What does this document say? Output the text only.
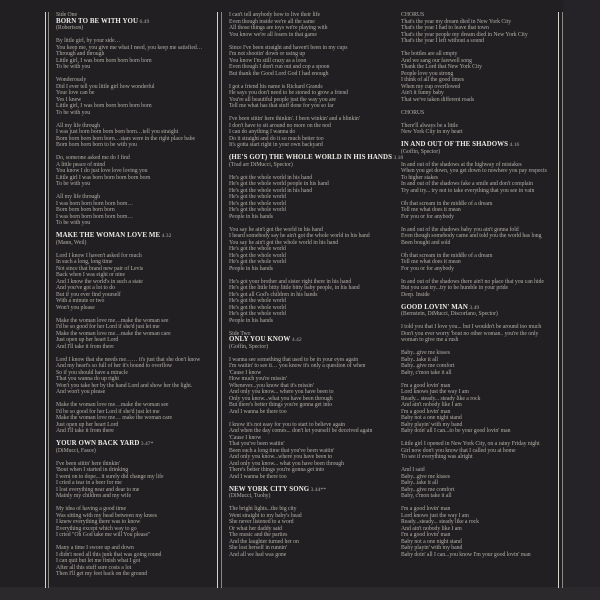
Side One
BORN TO BE WITH YOU 6.49
(Robertson)
By little girl, by your side…
You keep me, you give me what I need, you keep me satisfied…
Through and through
Little girl, I was born born born born born
To be with you
Wonderously
Did I ever tell you little girl how wonderful
Your love can be
Yes I knew
Little girl, I was born born born born born
To be with you
All my life through
I was just born born born born born…tell you straight
Born born born born born…stars were in the right place babe
Born born born born to be with you
Do, someone asked me do I find
A little peace of mind
You know I do just love love loving you
Little girl I was born born born born born
To be with you
All my life through
I was born born born born born…
Born born born born born
I was born born born born born…
To be with you
MAKE THE WOMAN LOVE ME 4.32
(Mann, Weil)
Lord I know I haven't asked for much
In such a long, long time
Not since that brand new pair of Levis
Back when I was eight or nine
And I know the world's in such a state
And you've got a lot to do
But if you ever find yourself
With a minute or two
Won't you please
Make the woman love me…make the woman see
I'd be so good for her Lord if she'd just let me
Make the woman love me…make the woman care
Just open up her heart Lord
And I'll take it from there
Lord I know that she needs me…… it's just that she don't know
And my heart's so full of her it's bound to overflow
So if you should have a miracle
That you wanna do up right
Won't you take her by the hand Lord and show her the light.
And won't you please
Make the woman love me…make the woman see
I'd be so good for her Lord if she'd just let me
Make the woman love me… make the woman care
Just open up her heart Lord
And I'll take it from there
YOUR OWN BACK YARD 3.47*
(DiMucci, Fasce)
I've been sittin' here thinkin'
'Bout when I started in drinking
I went on to dope... it surely did change my life
I cried a tear in a beer for me
I lost everything near and dear to me
Mainly my children and my wife
My idea of having a good time
Was sitting with my head between my knees
I knew everything there was to know
Everything except which way to go
I cried "Oh God take me will You please"
Many a time I swore up and down
I didn't need all this junk that was going round
I can quit but let me finish what I got
After all this stuff sure costs a lot
Then I'll get my feet back on the ground
I can't tell anybody how to live their life
Even though inside we're all the same
All those things are toys we're playing with
You know we're all losers in that game
Since I've been straight and haven't been in my cups
I'm not shootin' down or using up
You know I'm still crazy as a loon
Even though I don't run out and cop a spoon
But thank the Good Lord God I had enough
I got a friend his name is Richard Grands
He says you don't need to be stoned to grow a friend
You're all beautiful people just the way you are
Tell me what has that stuff done for you so far
I've been sittin' here thinkin'. I been winkin' and a blinkin'
I don't have to sit around no more on the nod
I can do anything I wanna do
Do it straight and do it so much better too
It's gotta start right in your own backyard
(HE'S GOT) THE WHOLE WORLD IN HIS HANDS 3.18
(Trad arr DiMucci, Spector)
He's got the whole world in his hand
He's got the whole world people in his hand
He's got the whole world in his hand
He's got the whole world
He's got the whole world
He's got the whole world
People in his hands
You say he ain't got the world in his hand
I heard somebody say he ain't got the whole world in his hand
You say he ain't got the whole world in his hand
He's got the whole world
He's got the whole world
He's got the whole world
People in his hands
He's got your brother and sister right there in his hand
He's got the little bitty little bitty baby people, in his hand
He's got all God's children in his hands
He's got the whole world
He's got the whole world
He's got the whole world
People in his hands
Side Two
ONLY YOU KNOW 4.42
(Goffin, Spector)
I wanna see something that used to be in your eyes again
I'm waitin' to see it… you know it's only a question of when
'Cause I know
How much you're missin'
Whenever...you know that it's missin'
And only you know... where you have been to
Only you know...what you have been through
But there's better things you're gonna get into
And I wanna be there too
I know it's not easy for you to start to believe again
And when the day comes... don't let yourself be deceived again
'Cause I know
That you've been waitin'
Been such a long time that you've been waitin'
And only you know...where you have been to
And only you know... what you have been through
There's better things you're gonna get into
And I wanna be there too
NEW YORK CITY SONG 3.44**
(DiMucci, Tuohy)
The bright lights...the big city
Went straight to my baby's head
She never listened to a word
Or what her daddy said
The music and the parties
And the laughter turned her on
She lost herself in runnin'
And all we had was gone
CHORUS
That's the year my dream died in New York City
That's the year I had to leave that town
That's the year people my dream died in New York City
That's the year I left without a sound
The bottles are all empty
And we sang our farewell song
Thank the Lord that New York City
People love you strong
I think of all the good times
When my cup overflowed
Ain't it funny baby
That we've taken different roads
CHORUS
There'll always be a little
New York City in my heart
IN AND OUT OF THE SHADOWS 4.16
(Goffin, Spector)
In and out of the shadows at the highway of mistakes
When you get down, you get down to nowhere you pay respects
To higher stakes
In and out of the shadows fake a smile and don't complain
Try and try... try not to take everything that you see in vain
Oh that scream in the middle of a dream
Tell me what does it mean
For you or for anybody
In and out of the shadows baby you ain't gonna fold
Even though somebody came and told you the world has long
Been bought and sold
Oh that scream in the middle of a dream
Tell me what does it mean
For you or for anybody
In and out of the shadows there ain't no place that you can hide
But you can try...try to be humble in your pride
Deep. Inside
GOOD LOVIN' MAN 3.49
(Bernstein, DiMucci, Discorfano, Spector)
I told you that I love you... but I wouldn't be around too much
Don't you ever worry 'bout no other woman.. you're the only
woman to give me a rush
Baby...give me kisses
Baby...take it all
Baby...give me comfort
Baby, c'mon take it all
I'm a good lovin' man
Lord knows just the way I am
Ready... steady... steady like a rock
And ain't nobody like I am
I'm a good lovin' man
Baby not a one night stand
Baby playin' with my band
Baby doin' all I can...to be your good lovin' man
Little girl I opened in New York City, on a rainy Friday night
Girl now don't you know that I called you at home
To see if everything was alright
And I said
Baby...give me kisses
Baby...take it all
Baby...give me comfort
Baby, c'mon take it all
I'm a good lovin' man
Lord knows just the way I am
Ready...steady... steady like a rock
And ain't nobody like I am
I'm a good lovin' man
Baby not a one night stand
Baby playin' with my band
Baby doin' all I can...you know I'm your good lovin' man
